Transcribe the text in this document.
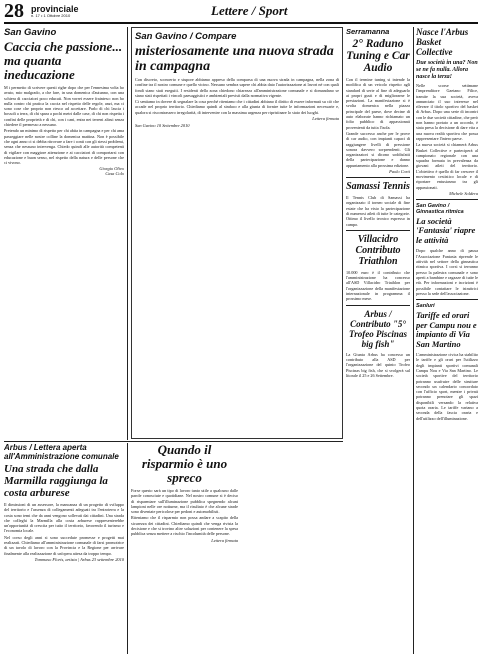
28 provinciale
n. 17 • 1 Ottobre 2010	Lettere / Sport
San Gavino
Caccia che passione... ma quanta ineducazione

M i permetto di scrivere questi righe dopo che per l'ennesima volta ho avuto, mio malgrado, a che fare, in una domenica d'autunno, con una schiera di cacciatori poco educati. Non vorrei essere frainteso: non ho nulla contro chi pratica la caccia nel rispetto delle regole, anzi, ma ci sono cose che proprio non riesco ad accettare. Parlo di chi lascia i bossoli a terra, di chi spara a pochi metri dalle case, di chi non rispetta i confini delle proprietà e di chi, con i cani, entra nei terreni altrui senza chiedere il permesso a nessuno.

Pretendo un minimo di rispetto per chi abita in campagna e per chi ama passeggiare nelle nostre colline la domenica mattina. Non è possibile che ogni anno ci si debba ritrovare a fare i conti con gli stessi problemi, senza che nessuno intervenga. Chiedo quindi alle autorità competenti di vigilare con maggiore attenzione e ai cacciatori di comportarsi con educazione e buon senso, nel rispetto della natura e delle persone che ci vivono.

Giorgio Olivo
Casa Colo
San Gavino / Compare
misteriosamente una nuova strada in campagna

Con discreto, sconcerto e stupore abbiamo appreso della comparsa di una nuova strada in campagna, nella zona di confine tra il nostro comune e quello vicino. Nessuno sembra sapere chi abbia dato l'autorizzazione ai lavori né con quali fondi siano stati eseguiti. I residenti della zona chiedono chiarezza all'amministrazione comunale e si domandano se siano stati rispettati i vincoli paesaggistici e ambientali previsti dalla normativa vigente.

Ci sentiamo in dovere di segnalare la cosa perché riteniamo che i cittadini abbiano il diritto di essere informati su ciò che accade nel proprio territorio. Chiediamo quindi al sindaco e alla giunta di fornire tutte le informazioni necessarie e, qualora si riscontrassero irregolarità, di intervenire con la massima urgenza per ripristinare lo stato dei luoghi.

Lettera firmata
San Gavino 10 Settembre 2010
Serramanna
2° Raduno Tuning e Car Audio

Con il termine tuning si intende la modifica di un veicolo rispetto agli standard di serie al fine di adeguarlo ai propri gusti e di migliorarne le prestazioni. La manifestazione si è svolta domenica nella piazza principale del paese, dove decine di auto elaborate hanno richiamato un folto pubblico di appassionati provenienti da tutta l'isola.

Grande successo anche per le prove di car audio, con impianti capaci di raggiungere livelli di pressione sonora davvero sorprendenti. Gli organizzatori si dicono soddisfatti della partecipazione e danno appuntamento alla prossima edizione.

Paolo Corti
Samassi Tennis
Il Tennis Club di Samassi ha organizzato il torneo sociale di fine estate che ha visto la partecipazione di numerosi atleti di tutte le categorie. Ottimo il livello tecnico espresso in campo.
Villacidro Contributo Triathlon
10.000 euro è il contributo che l'amministrazione ha concesso all'ASD Villacidro Triathlon per l'organizzazione della manifestazione internazionale in programma il prossimo mese.
Arbus / Contributo "5° Trofeo Piscinas big fish"
La Giunta Arbus ha concesso un contributo alla ASD per l'organizzazione del quinto Trofeo Piscinas big fish, che si svolgerà sul litorale il 25 e 26 Settembre.
Arbus / Lettera aperta all'Amministrazione comunale
Una strada che dalla Marmilla raggiunga la costa arburese

Il dimissioni di un assessore, la mancanza di un progetto di sviluppo del territorio e l'assenza di collegamenti adeguati tra l'entroterra e la costa sono temi che da anni vengono sollevati dai cittadini. Una strada che colleghi la Marmilla alla costa arburese rappresenterebbe un'opportunità di crescita per tutto il territorio, favorendo il turismo e l'economia locale.

Nel corso degli anni si sono succedute promesse e progetti mai realizzati. Chiediamo all'amministrazione comunale di farsi promotrice di un tavolo di lavoro con la Provincia e la Regione per arrivare finalmente alla realizzazione di un'opera attesa da troppo tempo.

Tommaso Floris, artista | Arbus 23 settembre 2010
Quando il risparmio è uno spreco

Forse questo sarà un tipo di lavoro tanto utile a qualcuno dalle parole conosciute e quotidiane. Nel nostro comune si è deciso di risparmiare sull'illuminazione pubblica spegnendo alcuni lampioni nelle ore notturne, ma il risultato è che alcune strade sono diventate pericolose per pedoni e automobilisti.

Riteniamo che il risparmio non possa andare a scapito della sicurezza dei cittadini. Chiediamo quindi che venga rivista la decisione e che si trovino altre soluzioni per contenere la spesa pubblica senza mettere a rischio l'incolumità delle persone.

Lettera firmata
Nasce l'Arbus Basket Collective
Due società in una? Non se ne fa nulla. Allora nasce la terza!

Nelle scorse settimane l'imprenditore Gaetano Filice, tramite la sua società, aveva annunciato il suo interesse nel rilevare il titolo sportivo del basket di Arbus. Dopo una serie di incontri con le due società cittadine, che però non hanno portato a un accordo, è stata presa la decisione di dare vita a una nuova realtà sportiva che possa rappresentare l'intero paese.

La nuova società si chiamerà Arbus Basket Collective e parteciperà al campionato regionale con una squadra formata in prevalenza da giovani atleti del territorio. L'obiettivo è quello di far crescere il movimento cestistico locale e di riportare entusiasmo tra gli appassionati.

Michele Soldera
San Gavino / Ginnastica ritmica
La società 'Fantasia' riapre le attività
Dopo qualche anno di pausa l'Associazione Fantasia riprende le attività nel settore della ginnastica ritmica sportiva. I corsi si terranno presso la palestra comunale e sono aperti a bambine e ragazze di tutte le età. Per informazioni e iscrizioni è possibile contattare le istruttrici presso la sede dell'associazione.
Sanluri
Tariffe ed orari per Campu nou e impianto di Via San Martino
L'amministrazione civica ha stabilito le tariffe e gli orari per l'utilizzo degli impianti sportivi comunali Campu Nou e Via San Martino. Le società sportive del territorio potranno usufruire delle strutture secondo un calendario concordato con l'ufficio sport, mentre i privati potranno prenotare gli spazi disponibili versando la relativa quota oraria. Le tariffe variano a seconda della fascia oraria e dell'utilizzo dell'illuminazione.
